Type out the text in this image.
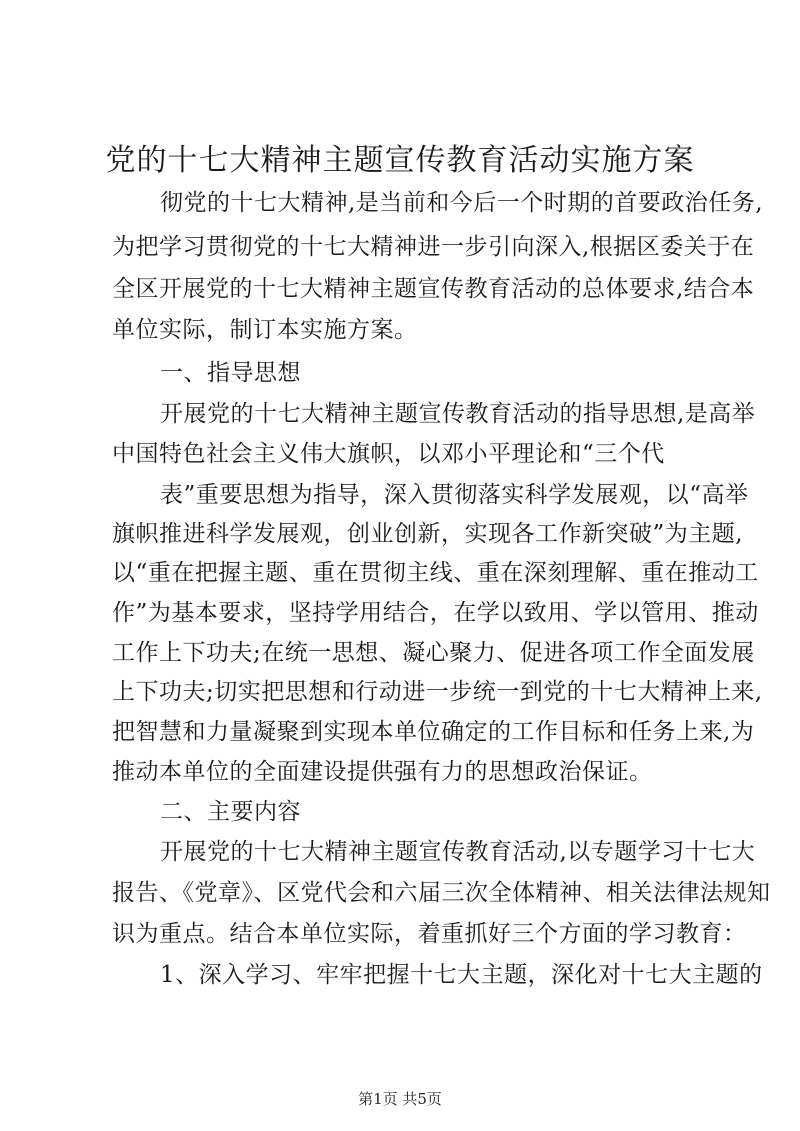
党的十七大精神主题宣传教育活动实施方案

彻党的十七大精神,是当前和今后一个时期的首要政治任务,

为把学习贯彻党的十七大精神进一步引向深入,根据区委关于在

全区开展党的十七大精神主题宣传教育活动的总体要求,结合本

单位实际，制订本实施方案。

一、指导思想

开展党的十七大精神主题宣传教育活动的指导思想,是高举

中国特色社会主义伟大旗帜，以邓小平理论和“三个代

表”重要思想为指导，深入贯彻落实科学发展观，以“高举

旗帜推进科学发展观，创业创新，实现各工作新突破”为主题,

以“重在把握主题、重在贯彻主线、重在深刻理解、重在推动工

作”为基本要求，坚持学用结合，在学以致用、学以管用、推动

工作上下功夫;在统一思想、凝心聚力、促进各项工作全面发展

上下功夫;切实把思想和行动进一步统一到党的十七大精神上来,

把智慧和力量凝聚到实现本单位确定的工作目标和任务上来,为

推动本单位的全面建设提供强有力的思想政治保证。

二、主要内容

开展党的十七大精神主题宣传教育活动,以专题学习十七大

报告、《党章》、区党代会和六届三次全体精神、相关法律法规知

识为重点。结合本单位实际，着重抓好三个方面的学习教育：

1、深入学习、牢牢把握十七大主题，深化对十七大主题的

第1页 共5页
